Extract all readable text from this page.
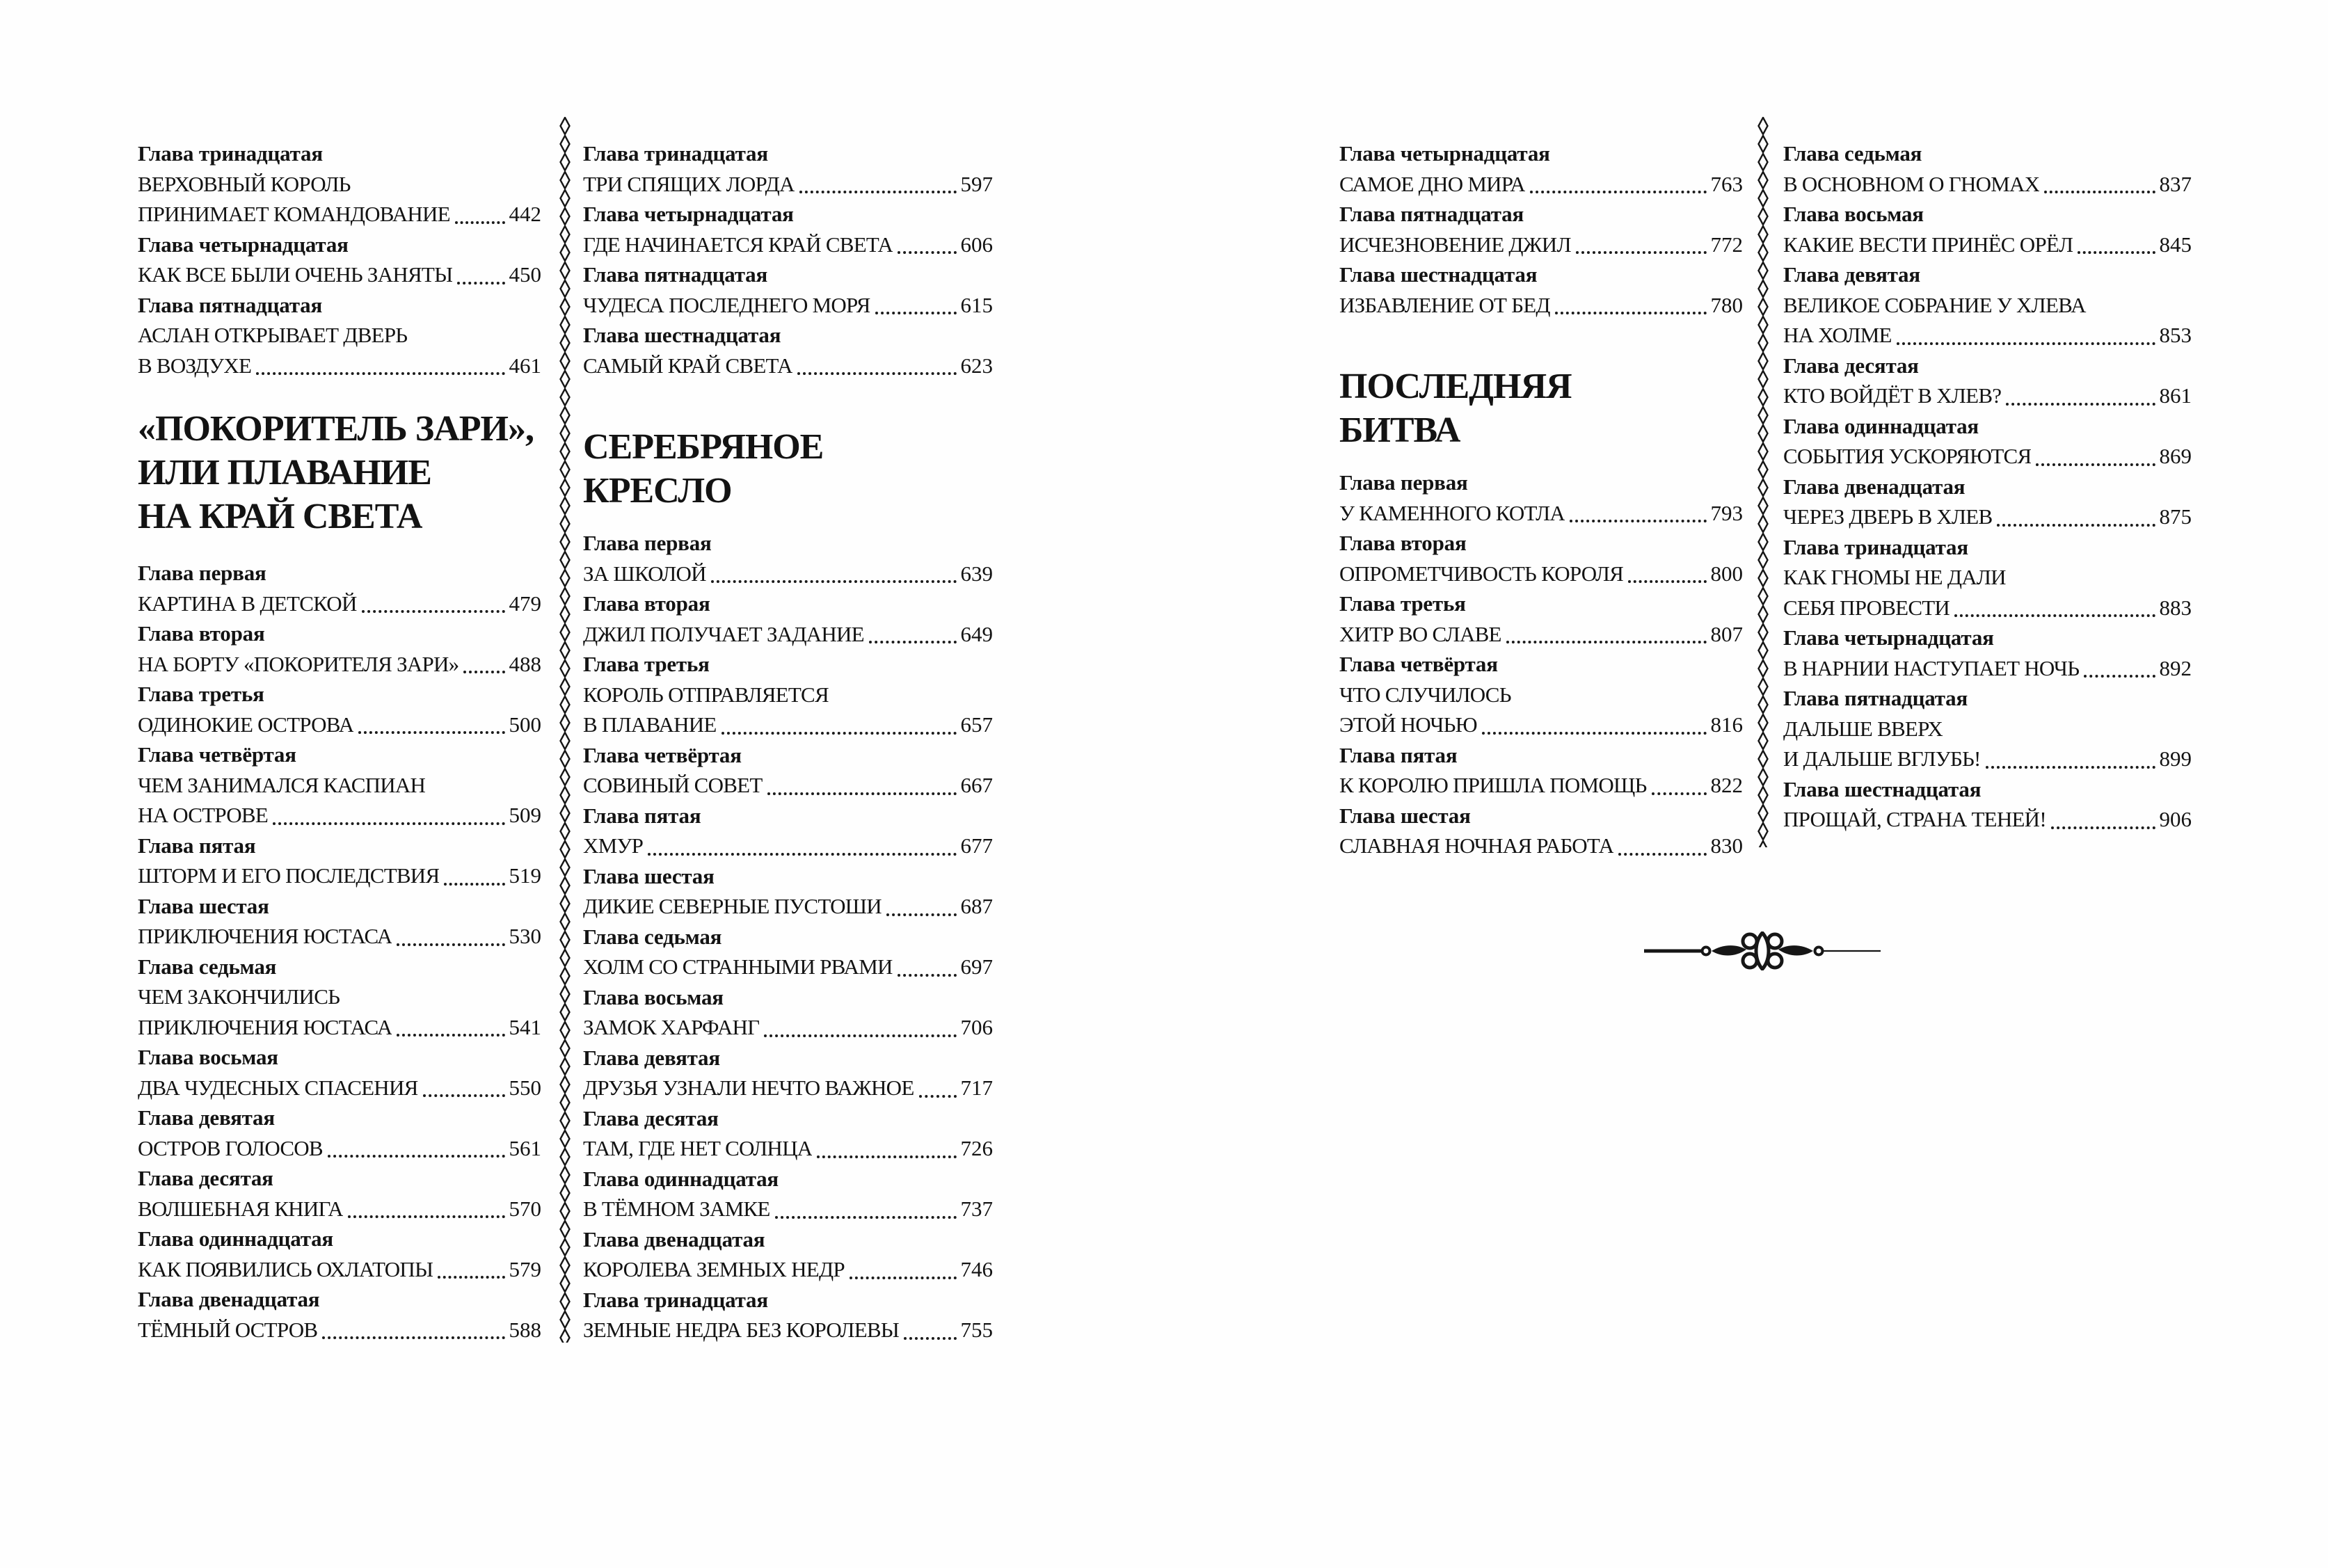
Глава тринадцатая
ВЕРХОВНЫЙ КОРОЛЬ
ПРИНИМАЕТ КОМАНДОВАНИЕ	442
Глава четырнадцатая
КАК ВСЕ БЫЛИ ОЧЕНЬ ЗАНЯТЫ	450
Глава пятнадцатая
АСЛАН ОТКРЫВАЕТ ДВЕРЬ
В ВОЗДУХЕ	461
«ПОКОРИТЕЛЬ ЗАРИ»,
ИЛИ ПЛАВАНИЕ
НА КРАЙ СВЕТА
Глава первая
КАРТИНА В ДЕТСКОЙ	479
Глава вторая
НА БОРТУ «ПОКОРИТЕЛЯ ЗАРИ» 488
Глава третья
ОДИНОКИЕ ОСТРОВА	500
Глава четвёртая
ЧЕМ ЗАНИМАЛСЯ КАСПИАН
НА ОСТРОВЕ	509
Глава пятая
ШТОРМ И ЕГО ПОСЛЕДСТВИЯ	519
Глава шестая
ПРИКЛЮЧЕНИЯ ЮСТАСА	530
Глава седьмая
ЧЕМ ЗАКОНЧИЛИСЬ
ПРИКЛЮЧЕНИЯ ЮСТАСА	541
Глава восьмая
ДВА ЧУДЕСНЫХ СПАСЕНИЯ	550
Глава девятая
ОСТРОВ ГОЛОСОВ	561
Глава десятая
ВОЛШЕБНАЯ КНИГА	570
Глава одиннадцатая
КАК ПОЯВИЛИСЬ ОХЛАТОПЫ	579
Глава двенадцатая
ТЁМНЫЙ ОСТРОВ	588
Глава тринадцатая
ТРИ СПЯЩИХ ЛОРДА	597
Глава четырнадцатая
ГДЕ НАЧИНАЕТСЯ КРАЙ СВЕТА	606
Глава пятнадцатая
ЧУДЕСА ПОСЛЕДНЕГО МОРЯ	615
Глава шестнадцатая
САМЫЙ КРАЙ СВЕТА	623
СЕРЕБРЯНОЕ
КРЕСЛО
Глава первая
ЗА ШКОЛОЙ	639
Глава вторая
ДЖИЛ ПОЛУЧАЕТ ЗАДАНИЕ	649
Глава третья
КОРОЛЬ ОТПРАВЛЯЕТСЯ
В ПЛАВАНИЕ	657
Глава четвёртая
СОВИНЫЙ СОВЕТ	667
Глава пятая
ХМУР	677
Глава шестая
ДИКИЕ СЕВЕРНЫЕ ПУСТОШИ	687
Глава седьмая
ХОЛМ СО СТРАННЫМИ РВАМИ	697
Глава восьмая
ЗАМОК ХАРФАНГ	706
Глава девятая
ДРУЗЬЯ УЗНАЛИ НЕЧТО ВАЖНОЕ 717
Глава десятая
ТАМ, ГДЕ НЕТ СОЛНЦА	726
Глава одиннадцатая
В ТЁМНОМ ЗАМКЕ	737
Глава двенадцатая
КОРОЛЕВА ЗЕМНЫХ НЕДР	746
Глава тринадцатая
ЗЕМНЫЕ НЕДРА БЕЗ КОРОЛЕВЫ	755
Глава четырнадцатая
САМОЕ ДНО МИРА	763
Глава пятнадцатая
ИСЧЕЗНОВЕНИЕ ДЖИЛ	772
Глава шестнадцатая
ИЗБАВЛЕНИЕ ОТ БЕД	780
ПОСЛЕДНЯЯ
БИТВА
Глава первая
У КАМЕННОГО КОТЛА	793
Глава вторая
ОПРОМЕТЧИВОСТЬ КОРОЛЯ	800
Глава третья
ХИТР ВО СЛАВЕ	807
Глава четвёртая
ЧТО СЛУЧИЛОСЬ
ЭТОЙ НОЧЬЮ	816
Глава пятая
К КОРОЛЮ ПРИШЛА ПОМОЩЬ	822
Глава шестая
СЛАВНАЯ НОЧНАЯ РАБОТА	830
Глава седьмая
В ОСНОВНОМ О ГНОМАХ	837
Глава восьмая
КАКИЕ ВЕСТИ ПРИНЁС ОРЁЛ	845
Глава девятая
ВЕЛИКОЕ СОБРАНИЕ У ХЛЕВА
НА ХОЛМЕ	853
Глава десятая
КТО ВОЙДЁТ В ХЛЕВ?	861
Глава одиннадцатая
СОБЫТИЯ УСКОРЯЮТСЯ	869
Глава двенадцатая
ЧЕРЕЗ ДВЕРЬ В ХЛЕВ	875
Глава тринадцатая
КАК ГНОМЫ НЕ ДАЛИ
СЕБЯ ПРОВЕСТИ	883
Глава четырнадцатая
В НАРНИИ НАСТУПАЕТ НОЧЬ	892
Глава пятнадцатая
ДАЛЬШЕ ВВЕРХ
И ДАЛЬШЕ ВГЛУБЬ!	899
Глава шестнадцатая
ПРОЩАЙ, СТРАНА ТЕНЕЙ!	906
